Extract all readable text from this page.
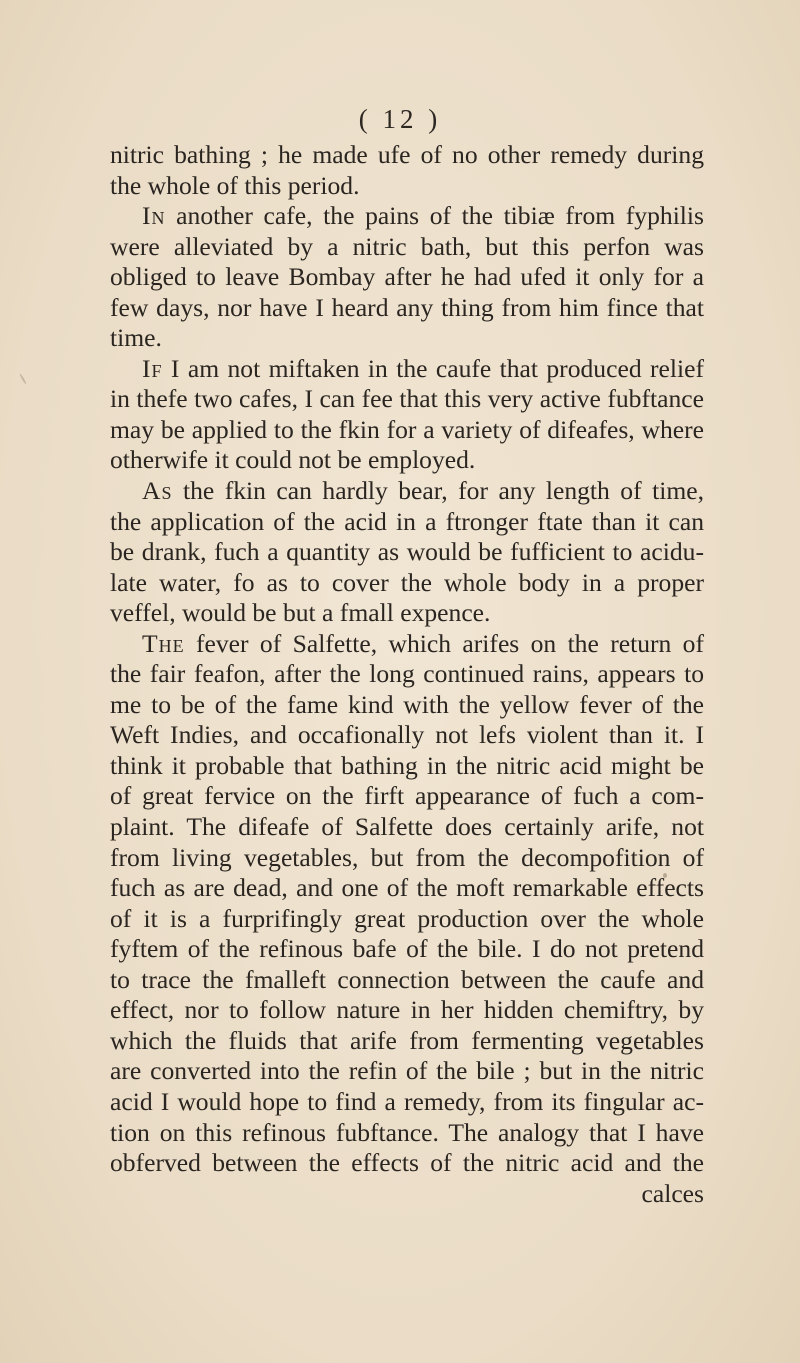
( 12 )
nitric bathing ; he made ufe of no other remedy during
the whole of this period.
In another cafe, the pains of the tibiæ from fyphilis
were alleviated by a nitric bath, but this perfon was
obliged to leave Bombay after he had ufed it only for a
few days, nor have I heard any thing from him fince that
time.
If I am not miftaken in the caufe that produced relief
in thefe two cafes, I can fee that this very active fubftance
may be applied to the fkin for a variety of difeafes, where
otherwife it could not be employed.
As the fkin can hardly bear, for any length of time,
the application of the acid in a ftronger ftate than it can
be drank, fuch a quantity as would be fufficient to acidu-
late water, fo as to cover the whole body in a proper
veffel, would be but a fmall expence.
The fever of Salfette, which arifes on the return of
the fair feafon, after the long continued rains, appears to
me to be of the fame kind with the yellow fever of the
Weft Indies, and occafionally not lefs violent than it. I
think it probable that bathing in the nitric acid might be
of great fervice on the firft appearance of fuch a com-
plaint. The difeafe of Salfette does certainly arife, not
from living vegetables, but from the decompofition of
fuch as are dead, and one of the moft remarkable effects
of it is a furprifingly great production over the whole
fyftem of the refinous bafe of the bile. I do not pretend
to trace the fmalleft connection between the caufe and
effect, nor to follow nature in her hidden chemiftry, by
which the fluids that arife from fermenting vegetables
are converted into the refin of the bile ; but in the nitric
acid I would hope to find a remedy, from its fingular ac-
tion on this refinous fubftance. The analogy that I have
obferved between the effects of the nitric acid and the
calces
